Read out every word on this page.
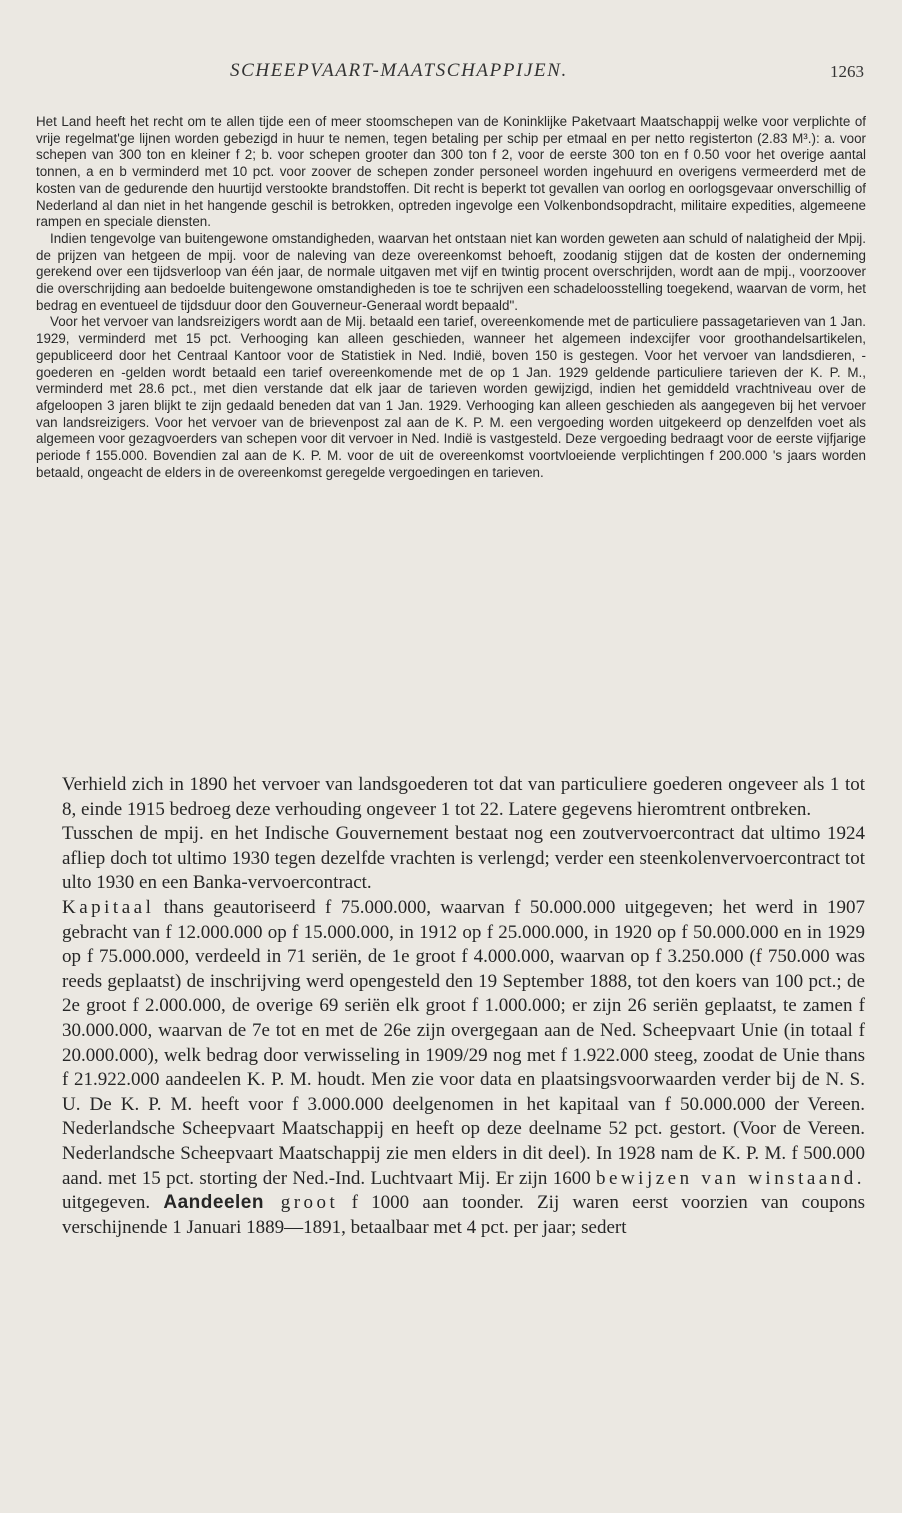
SCHEEPVAART-MAATSCHAPPIJEN.	1263

Het Land heeft het recht om te allen tijde een of meer stoomschepen van de Koninklijke Paketvaart Maatschappij welke voor verplichte of vrije regelmat'ge lijnen worden gebezigd in huur te nemen, tegen betaling per schip per etmaal en per netto registerton (2.83 M³.): a. voor schepen van 300 ton en kleiner f 2; b. voor schepen grooter dan 300 ton f 2, voor de eerste 300 ton en f 0.50 voor het overige aantal tonnen, a en b verminderd met 10 pct. voor zoover de schepen zonder personeel worden ingehuurd en overigens vermeerderd met de kosten van de gedurende den huurtijd verstookte brandstoffen. Dit recht is beperkt tot gevallen van oorlog en oorlogsgevaar onverschillig of Nederland al dan niet in het hangende geschil is betrokken, optreden ingevolge een Volkenbondsopdracht, militaire expedities, algemeene rampen en speciale diensten.

Indien tengevolge van buitengewone omstandigheden, waarvan het ontstaan niet kan worden geweten aan schuld of nalatigheid der Mpij. de prijzen van hetgeen de mpij. voor de naleving van deze overeenkomst behoeft, zoodanig stijgen dat de kosten der onderneming gerekend over een tijdsverloop van één jaar, de normale uitgaven met vijf en twintig procent overschrijden, wordt aan de mpij., voorzoover die overschrijding aan bedoelde buitengewone omstandigheden is toe te schrijven een schadeloosstelling toegekend, waarvan de vorm, het bedrag en eventueel de tijdsduur door den Gouverneur-Generaal wordt bepaald".

Voor het vervoer van landsreizigers wordt aan de Mij. betaald een tarief, overeenkomende met de particuliere passagetarieven van 1 Jan. 1929, verminderd met 15 pct. Verhooging kan alleen geschieden, wanneer het algemeen indexcijfer voor groothandelsartikelen, gepubliceerd door het Centraal Kantoor voor de Statistiek in Ned. Indië, boven 150 is gestegen. Voor het vervoer van landsdieren, -goederen en -gelden wordt betaald een tarief overeenkomende met de op 1 Jan. 1929 geldende particuliere tarieven der K. P. M., verminderd met 28.6 pct., met dien verstande dat elk jaar de tarieven worden gewijzigd, indien het gemiddeld vrachtniveau over de afgeloopen 3 jaren blijkt te zijn gedaald beneden dat van 1 Jan. 1929. Verhooging kan alleen geschieden als aangegeven bij het vervoer van landsreizigers. Voor het vervoer van de brievenpost zal aan de K. P. M. een vergoeding worden uitgekeerd op denzelfden voet als algemeen voor gezagvoerders van schepen voor dit vervoer in Ned. Indië is vastgesteld. Deze vergoeding bedraagt voor de eerste vijfjarige periode f 155.000. Bovendien zal aan de K. P. M. voor de uit de overeenkomst voortvloeiende verplichtingen f 200.000 's jaars worden betaald, ongeacht de elders in de overeenkomst geregelde vergoedingen en tarieven.

Verhield zich in 1890 het vervoer van landsgoederen tot dat van particuliere goederen ongeveer als 1 tot 8, einde 1915 bedroeg deze verhouding ongeveer 1 tot 22. Latere gegevens hieromtrent ontbreken.

Tusschen de mpij. en het Indische Gouvernement bestaat nog een zoutvervoercontract dat ultimo 1924 afliep doch tot ultimo 1930 tegen dezelfde vrachten is verlengd; verder een steenkolenvervoercontract tot ulto 1930 en een Banka-vervoercontract.

Kapitaal thans geautoriseerd f 75.000.000, waarvan f 50.000.000 uitgegeven; het werd in 1907 gebracht van f 12.000.000 op f 15.000.000, in 1912 op f 25.000.000, in 1920 op f 50.000.000 en in 1929 op f 75.000.000, verdeeld in 71 seriën, de 1e groot f 4.000.000, waarvan op f 3.250.000 (f 750.000 was reeds geplaatst) de inschrijving werd opengesteld den 19 September 1888, tot den koers van 100 pct.; de 2e groot f 2.000.000, de overige 69 seriën elk groot f 1.000.000; er zijn 26 seriën geplaatst, te zamen f 30.000.000, waarvan de 7e tot en met de 26e zijn overgegaan aan de Ned. Scheepvaart Unie (in totaal f 20.000.000), welk bedrag door verwisseling in 1909/29 nog met f 1.922.000 steeg, zoodat de Unie thans f 21.922.000 aandeelen K. P. M. houdt. Men zie voor data en plaatsingsvoorwaarden verder bij de N. S. U. De K. P. M. heeft voor f 3.000.000 deelgenomen in het kapitaal van f 50.000.000 der Vereen. Nederlandsche Scheepvaart Maatschappij en heeft op deze deelname 52 pct. gestort. (Voor de Vereen. Nederlandsche Scheepvaart Maatschappij zie men elders in dit deel). In 1928 nam de K. P. M. f 500.000 aand. met 15 pct. storting der Ned.-Ind. Luchtvaart Mij. Er zijn 1600 bewijzen van winstaand. uitgegeven. Aandeelen groot f 1000 aan toonder. Zij waren eerst voorzien van coupons verschijnende 1 Januari 1889—1891, betaalbaar met 4 pct. per jaar; sedert
